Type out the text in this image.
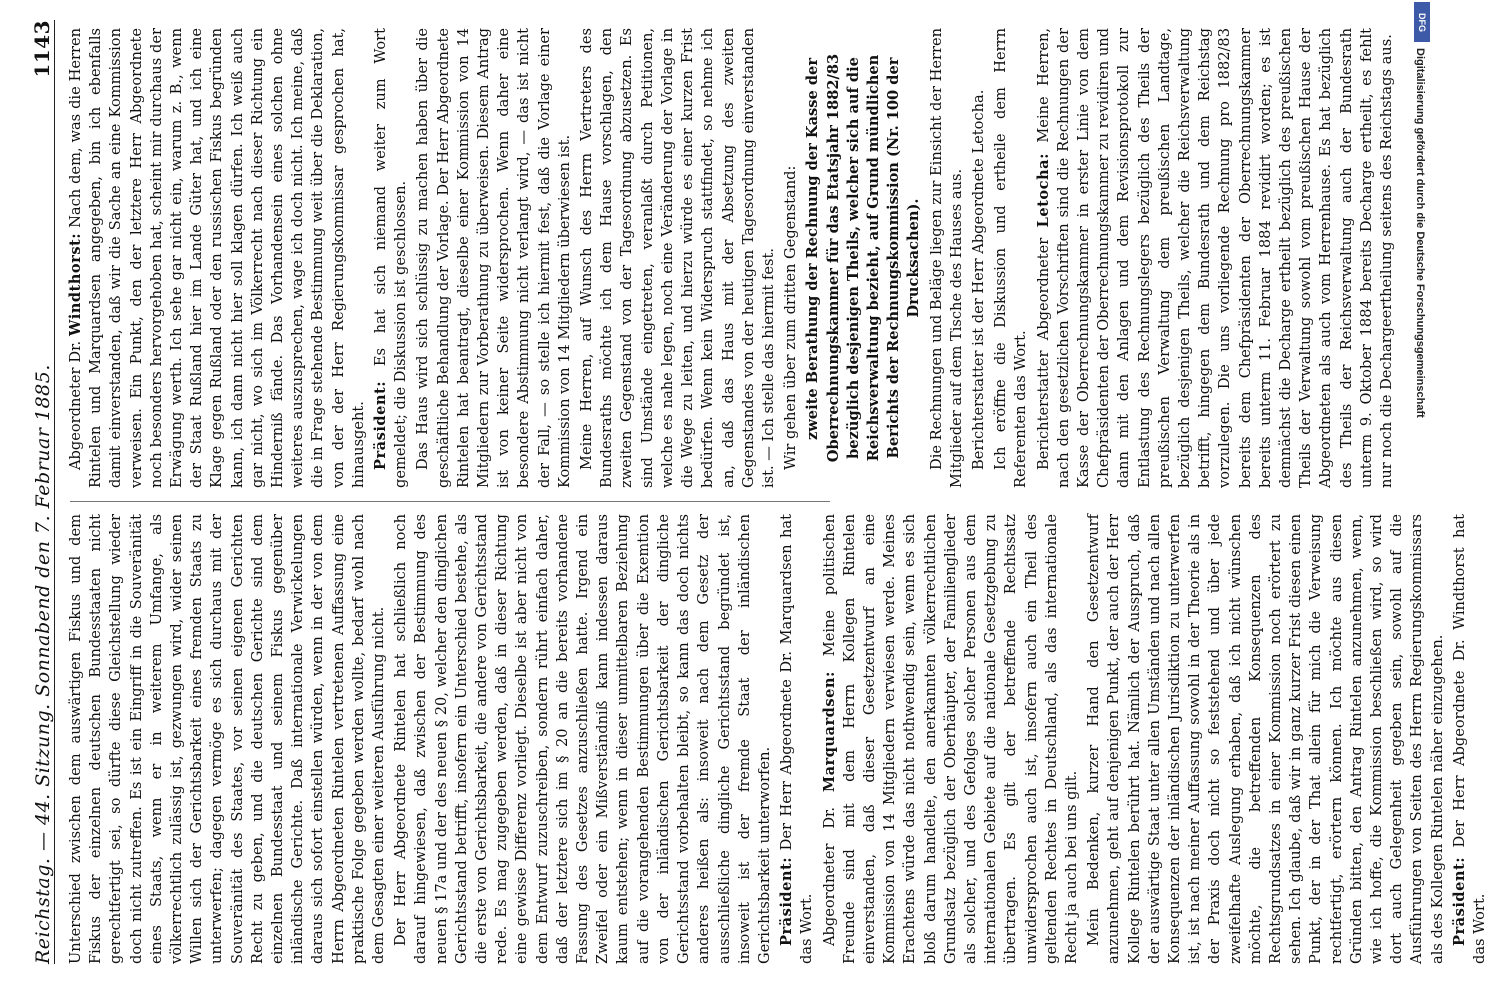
Reichstag. — 44. Sitzung. Sonnabend den 7. Februar 1885.
1143

Unterschied zwischen dem auswärtigen Fiskus und dem Fiskus der einzelnen deutschen Bundesstaaten nicht gerechtfertigt sei, so dürfte diese Gleichstellung wieder doch nicht zutreffen. Es ist ein Eingriff in die Souveränität eines Staats, wenn er in weiterem Umfange, als völkerrechtlich zulässig ist, gezwungen wird, wider seinen Willen sich der Gerichtsbarkeit eines fremden Staats zu unterwerfen; dagegen vermöge es sich durchaus mit der Souveränität des Staates, vor seinen eigenen Gerichten Recht zu geben, und die deutschen Gerichte sind dem einzelnen Bundesstaat und seinem Fiskus gegenüber inländische Gerichte. Daß internationale Verwickelungen daraus sich sofort einstellen würden, wenn in der von dem Herrn Abgeordneten Rintelen vertretenen Auffassung eine praktische Folge gegeben werden wollte, bedarf wohl nach dem Gesagten einer weiteren Ausführung nicht. Der Herr Abgeordnete Rintelen hat schließlich noch darauf hingewiesen, daß zwischen der Bestimmung des neuen § 17a und der des neuen § 20, welcher den dinglichen Gerichtsstand betrifft, insofern ein Unterschied bestehe, als die erste von Gerichtsbarkeit, die andere von Gerichtsstand rede. Es mag zugegeben werden, daß in dieser Richtung eine gewisse Differenz vorliegt. Dieselbe ist aber nicht von dem Entwurf zuzuschreiben, sondern rührt einfach daher, daß der letztere sich im § 20 an die bereits vorhandene Fassung des Gesetzes anzuschließen hatte. Irgend ein Zweifel oder ein Mißverständniß kann indessen daraus kaum entstehen; wenn in dieser unmittelbaren Beziehung auf die vorangehenden Bestimmungen über die Exemtion von der inländischen Gerichtsbarkeit der dingliche Gerichtsstand vorbehalten bleibt, so kann das doch nichts anderes heißen als: insoweit nach dem Gesetz der ausschließliche dingliche Gerichtsstand begründet ist, insoweit ist der fremde Staat der inländischen Gerichtsbarkeit unterworfen. Präsident: Der Herr Abgeordnete Dr. Marquardsen hat das Wort. Abgeordneter Dr. Marquardsen: Meine politischen Freunde sind mit dem Herrn Kollegen Rintelen einverstanden, daß dieser Gesetzentwurf an eine Kommission von 14 Mitgliedern verwiesen werde. Meines Erachtens würde das nicht nothwendig sein, wenn es sich bloß darum handelte, den anerkannten völkerrechtlichen Grundsatz bezüglich der Oberhäupter, der Familienglieder als solcher, und des Gefolges solcher Personen aus dem internationalen Gebiete auf die nationale Gesetzgebung zu übertragen. Es gilt der betreffende Rechtssatz unwidersprochen auch ist, insofern auch ein Theil des geltenden Rechtes in Deutschland, als das internationale Recht ja auch bei uns gilt. Mein Bedenken, kurzer Hand den Gesetzentwurf anzunehmen, geht auf denjenigen Punkt, der auch der Herr Kollege Rintelen berührt hat. Nämlich der Ausspruch, daß der auswärtige Staat unter allen Umständen und nach allen Konsequenzen der inländischen Jurisdiktion zu unterwerfen ist, ist nach meiner Auffassung sowohl in der Theorie als in der Praxis doch nicht so feststehend und über jede zweifelhafte Auslegung erhaben, daß ich nicht wünschen möchte, die betreffenden Konsequenzen des Rechtsgrundsatzes in einer Kommission noch erörtert zu sehen. Ich glaube, daß wir in ganz kurzer Frist diesen einen Punkt, der in der That allein für mich die Verweisung rechtfertigt, erörtern können. Ich möchte aus diesen Gründen bitten, den Antrag Rintelen anzunehmen, wenn, wie ich hoffe, die Kommission beschließen wird, so wird dort auch Gelegenheit gegeben sein, sowohl auf die Ausführungen von Seiten des Herrn Regierungskommissars als des Kollegen Rintelen näher einzugehen. Präsident: Der Herr Abgeordnete Dr. Windthorst hat das Wort.

Abgeordneter Dr. Windthorst: Nach dem, was die Herren Rintelen und Marquardsen angegeben, bin ich ebenfalls damit einverstanden, daß wir die Sache an eine Kommission verweisen. Ein Punkt, den der letztere Herr Abgeordnete noch besonders hervorgehoben hat, scheint mir durchaus der Erwägung werth. Ich sehe gar nicht ein, warum z. B., wenn der Staat Rußland hier im Lande Güter hat, und ich eine Klage gegen Rußland oder den russischen Fiskus begründen kann, ich dann nicht hier soll klagen dürfen. Ich weiß auch gar nicht, wo sich im Völkerrecht nach dieser Richtung ein Hinderniß fände. Das Vorhandensein eines solchen ohne weiteres auszusprechen, wage ich doch nicht. Ich meine, daß die in Frage stehende Bestimmung weit über die Deklaration, von der der Herr Regierungskommissar gesprochen hat, hinausgeht. Präsident: Es hat sich niemand weiter zum Wort gemeldet; die Diskussion ist geschlossen. Das Haus wird sich schlüssig zu machen haben über die geschäftliche Behandlung der Vorlage. Der Herr Abgeordnete Rintelen hat beantragt, dieselbe einer Kommission von 14 Mitgliedern zur Vorberathung zu überweisen. Diesem Antrag ist von keiner Seite widersprochen. Wenn daher eine besondere Abstimmung nicht verlangt wird, — das ist nicht der Fall, — so stelle ich hiermit fest, daß die Vorlage einer Kommission von 14 Mitgliedern überwiesen ist. Meine Herren, auf Wunsch des Herrn Vertreters des Bundesraths möchte ich dem Hause vorschlagen, den zweiten Gegenstand von der Tagesordnung abzusetzen. Es sind Umstände eingetreten, veranlaßt durch Petitionen, welche es nahe legen, noch eine Veränderung der Vorlage in die Wege zu leiten, und hierzu würde es einer kurzen Frist bedürfen. Wenn kein Widerspruch stattfindet, so nehme ich an, daß das Haus mit der Absetzung des zweiten Gegenstandes von der heutigen Tagesordnung einverstanden ist. — Ich stelle das hiermit fest. Wir gehen über zum dritten Gegenstand: zweite Berathung der Rechnung der Kasse der Oberrechnungskammer für das Etatsjahr 1882/83 bezüglich desjenigen Theils, welcher sich auf die Reichsverwaltung bezieht, auf Grund mündlichen Berichts der Rechnungskommission (Nr. 100 der Drucksachen). Die Rechnungen und Beläge liegen zur Einsicht der Herren Mitglieder auf dem Tische des Hauses aus. Berichterstatter ist der Herr Abgeordnete Letocha. Ich eröffne die Diskussion und ertheile dem Herrn Referenten das Wort. Berichterstatter Abgeordneter Letocha: Meine Herren, nach den gesetzlichen Vorschriften sind die Rechnungen der Kasse der Oberrechnungskammer in erster Linie von dem Chefpräsidenten der Oberrechnungskammer zu revidiren und dann mit den Anlagen und dem Revisionsprotokoll zur Entlastung des Rechnungslegers bezüglich des Theils der preußischen Verwaltung dem preußischen Landtage, bezüglich desjenigen Theils, welcher die Reichsverwaltung betrifft, hingegen dem Bundesrath und dem Reichstag vorzulegen. Die uns vorliegende Rechnung pro 1882/83 bereits dem Chefpräsidenten der Oberrechnungskammer bereits unterm 11. Februar 1884 revidirt worden; es ist demnächst die Decharge ertheilt bezüglich des preußischen Theils der Verwaltung sowohl vom preußischen Hause der Abgeordneten als auch vom Herrenhause. Es hat bezüglich des Theils der Reichsverwaltung auch der Bundesrath unterm 9. Oktober 1884 bereits Decharge ertheilt, es fehlt nur noch die Dechargeertheilung seitens des Reichstags aus.

DFG
Digitalisierung gefördert durch die Deutsche Forschungsgemeinschaft
